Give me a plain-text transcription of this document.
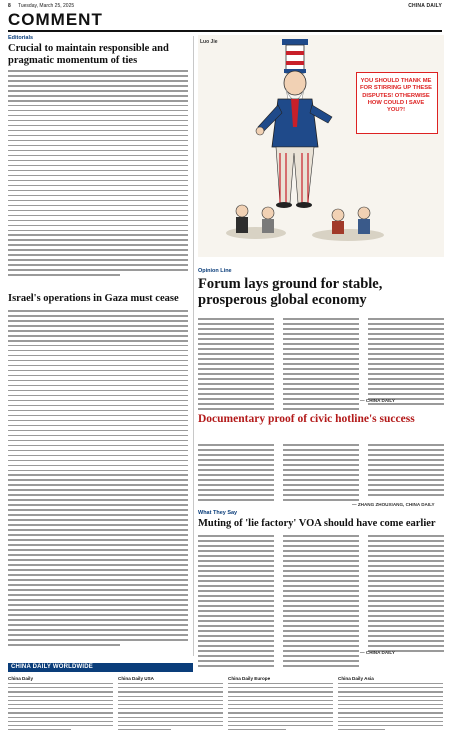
8 Tuesday, March 25, 2025	CHINA DAILY
COMMENT
Editorials
Crucial to maintain responsible and pragmatic momentum of ties
Israel's operations in Gaza must cease
Luo Jie
YOU SHOULD THANK ME FOR STIRRING UP THESE DISPUTES! OTHERWISE HOW COULD I SAVE YOU?!
Opinion Line
Forum lays ground for stable, prosperous global economy
— CHINA DAILY
Documentary proof of civic hotline's success
— ZHANG ZHOUXIANG, CHINA DAILY
What They Say
Muting of 'lie factory' VOA should have come earlier
— CHINA DAILY
CHINA DAILY WORLDWIDE
China Daily	China Daily USA	China Daily Europe	China Daily Asia
